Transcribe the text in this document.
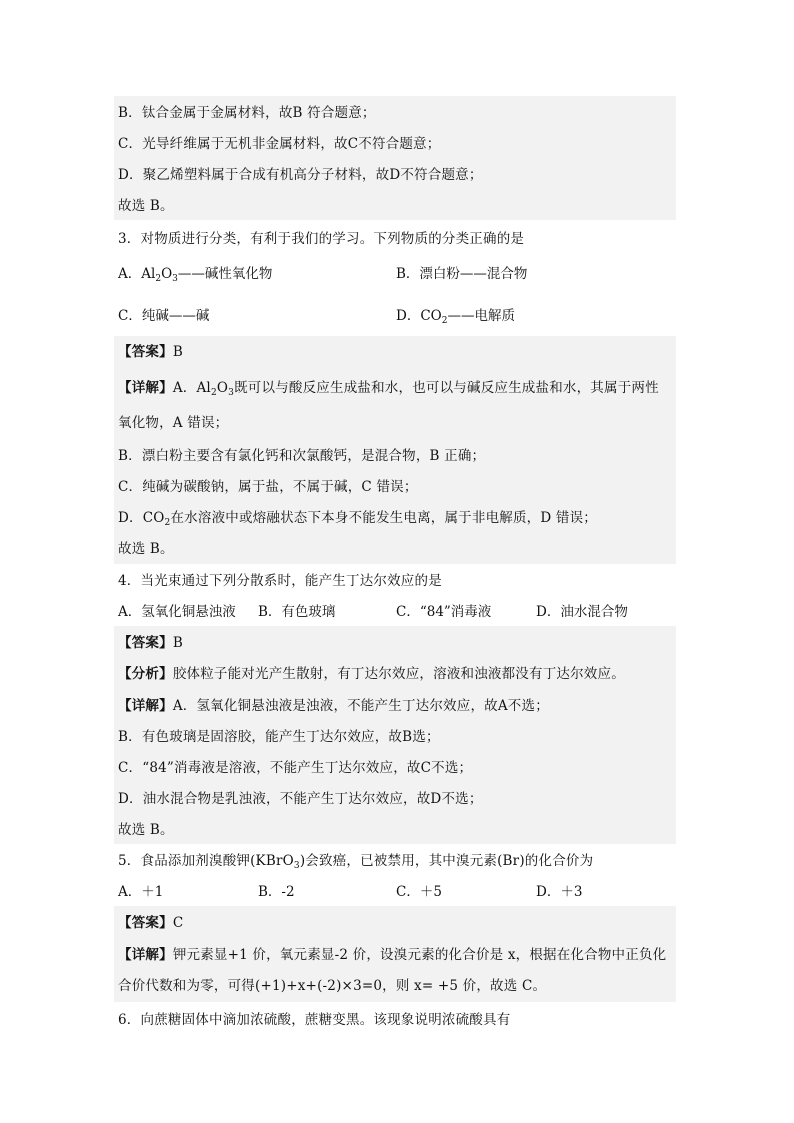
B．钛合金属于金属材料，故B 符合题意；
C．光导纤维属于无机非金属材料，故C不符合题意；
D．聚乙烯塑料属于合成有机高分子材料，故D不符合题意；
故选 B。
3．对物质进行分类，有利于我们的学习。下列物质的分类正确的是
A．$Al_2O_3——$碱性氧化物	B．漂白粉——混合物
C．纯碱——碱	D．$CO_2——$电解质
【答案】B
【详解】A．$Al_2O_3$既可以与酸反应生成盐和水，也可以与碱反应生成盐和水，其属于两性
氧化物，A 错误；
B．漂白粉主要含有氯化钙和次氯酸钙，是混合物，B 正确；
C．纯碱为碳酸钠，属于盐，不属于碱，C 错误；
D．$CO_2$在水溶液中或熔融状态下本身不能发生电离，属于非电解质，D 错误；
故选 B。
4．当光束通过下列分散系时，能产生丁达尔效应的是
A．氢氧化铜悬浊液 B．有色玻璃	C．“84”消毒液	D．油水混合物
【答案】B
【分析】胶体粒子能对光产生散射，有丁达尔效应，溶液和浊液都没有丁达尔效应。
【详解】A．氢氧化铜悬浊液是浊液，不能产生丁达尔效应，故A不选；
B．有色玻璃是固溶胶，能产生丁达尔效应，故B选；
C．“84”消毒液是溶液，不能产生丁达尔效应，故C不选；
D．油水混合物是乳浊液，不能产生丁达尔效应，故D不选；
故选 B。
5．食品添加剂溴酸钾(KBrO$_3$)会致癌，已被禁用，其中溴元素(Br)的化合价为
A．＋1	B．-2	C．＋5	D．＋3
【答案】C
【详解】钾元素显+1 价，氧元素显-2 价，设溴元素的化合价是 x，根据在化合物中正负化
合价代数和为零，可得(+1)+x+(-2)×3=0，则 x= +5 价，故选 C。
6．向蔗糖固体中滴加浓硫酸，蔗糖变黑。该现象说明浓硫酸具有
